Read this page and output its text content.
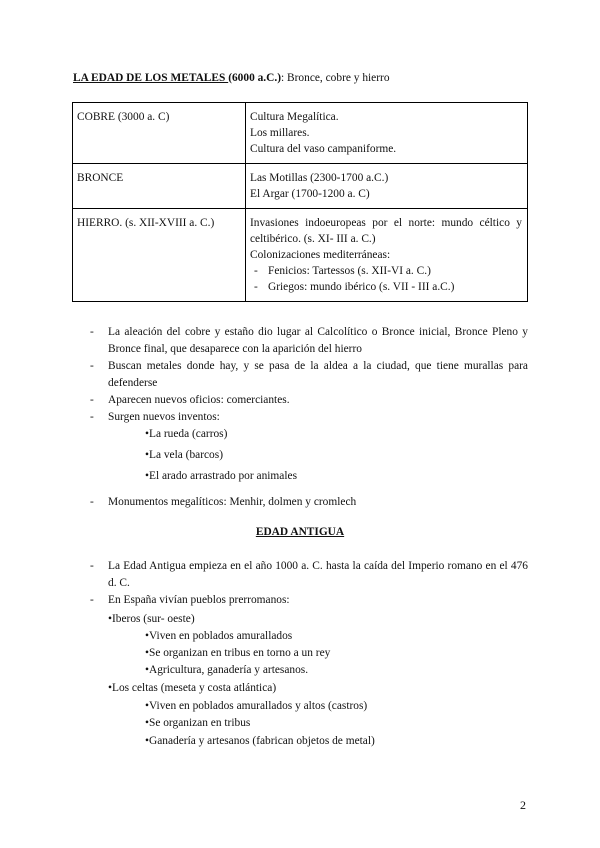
LA EDAD DE LOS METALES (6000 a.C.): Bronce, cobre y hierro
COBRE (3000 a. C)	Cultura Megalítica.
Los millares.
Cultura del vaso campaniforme.

BRONCE	Las Motillas (2300-1700 a.C.)
El Argar (1700-1200 a. C)

HIERRO. (s. XII-XVIII a. C.)	Invasiones indoeuropeas por el norte: mundo céltico y celtibérico. (s. XI- III a. C.)
Colonizaciones mediterráneas:
- Fenicios: Tartessos (s. XII-VI a. C.)
- Griegos: mundo ibérico (s. VII - III a.C.)
- La aleación del cobre y estaño dio lugar al Calcolítico o Bronce inicial, Bronce Pleno y Bronce final, que desaparece con la aparición del hierro
- Buscan metales donde hay, y se pasa de la aldea a la ciudad, que tiene murallas para defenderse
- Aparecen nuevos oficios: comerciantes.
- Surgen nuevos inventos:
•La rueda (carros)
•La vela (barcos)
•El arado arrastrado por animales
- Monumentos megalíticos: Menhir, dolmen y cromlech
EDAD ANTIGUA
- La Edad Antigua empieza en el año 1000 a. C. hasta la caída del Imperio romano en el 476 d. C.
- En España vivían pueblos prerromanos:
•Iberos (sur- oeste)
•Viven en poblados amurallados
•Se organizan en tribus en torno a un rey
•Agricultura, ganadería y artesanos.
•Los celtas (meseta y costa atlántica)
•Viven en poblados amurallados y altos (castros)
•Se organizan en tribus
•Ganadería y artesanos (fabrican objetos de metal)
2
